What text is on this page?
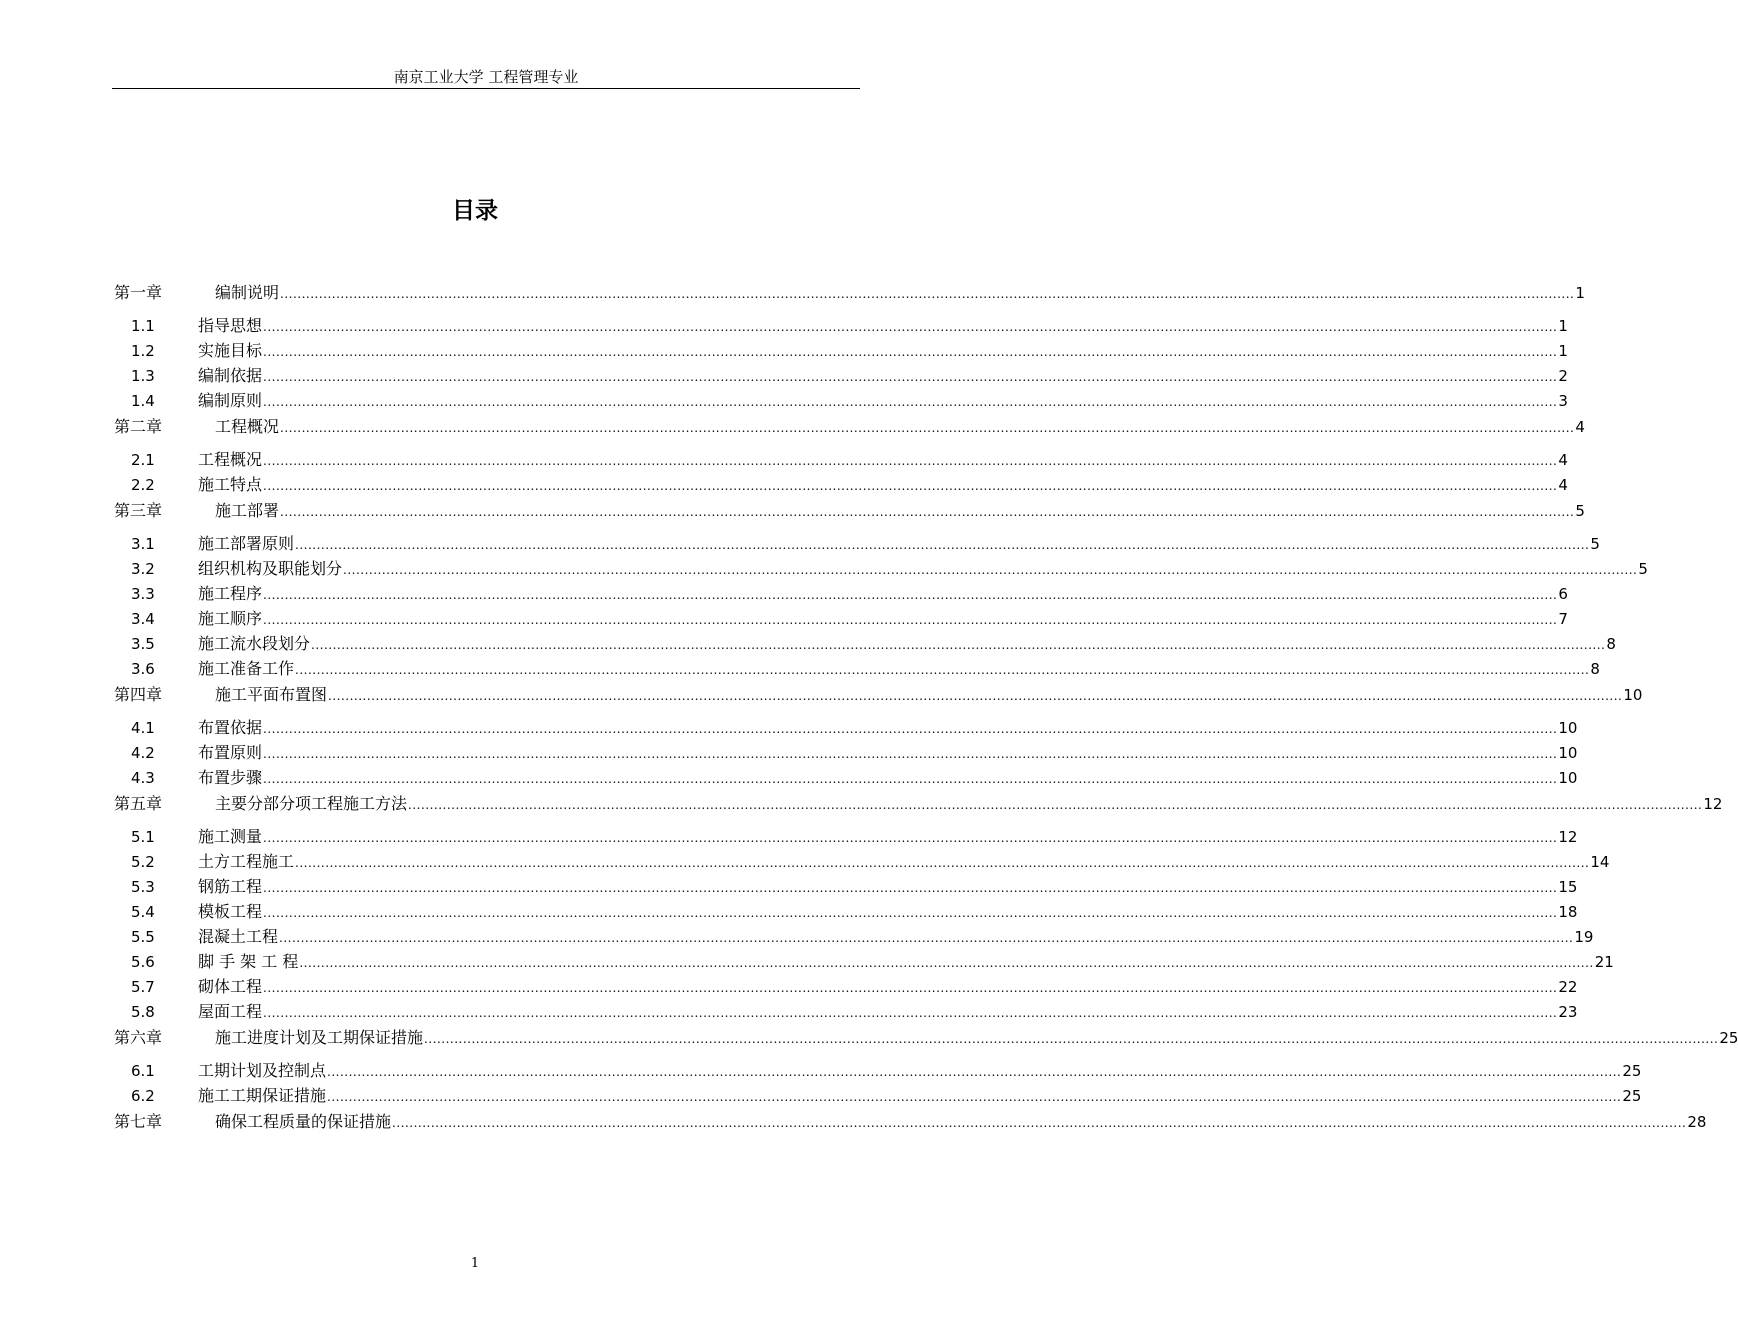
南京工业大学 工程管理专业
目录
第一章	编制说明 ............................................................................................................................................................................................................................................................................................................ 1
1.1	指导思想 ............................................................................................................................................................................................................................................................................................................ 1
1.2	实施目标 ............................................................................................................................................................................................................................................................................................................ 1
1.3	编制依据 ............................................................................................................................................................................................................................................................................................................ 2
1.4	编制原则 ............................................................................................................................................................................................................................................................................................................ 3
第二章	工程概况 ............................................................................................................................................................................................................................................................................................................ 4
2.1	工程概况 ............................................................................................................................................................................................................................................................................................................ 4
2.2	施工特点 ............................................................................................................................................................................................................................................................................................................ 4
第三章	施工部署 ............................................................................................................................................................................................................................................................................................................ 5
3.1	施工部署原则 ............................................................................................................................................................................................................................................................................................................ 5
3.2	组织机构及职能划分 ............................................................................................................................................................................................................................................................................................................ 5
3.3	施工程序 ............................................................................................................................................................................................................................................................................................................ 6
3.4	施工顺序 ............................................................................................................................................................................................................................................................................................................ 7
3.5	施工流水段划分 ............................................................................................................................................................................................................................................................................................................ 8
3.6	施工准备工作 ............................................................................................................................................................................................................................................................................................................ 8
第四章	施工平面布置图 ............................................................................................................................................................................................................................................................................................................ 10
4.1	布置依据 ............................................................................................................................................................................................................................................................................................................ 10
4.2	布置原则 ............................................................................................................................................................................................................................................................................................................ 10
4.3	布置步骤 ............................................................................................................................................................................................................................................................................................................ 10
第五章	主要分部分项工程施工方法 ............................................................................................................................................................................................................................................................................................................ 12
5.1	施工测量 ............................................................................................................................................................................................................................................................................................................ 12
5.2	土方工程施工 ............................................................................................................................................................................................................................................................................................................ 14
5.3	钢筋工程 ............................................................................................................................................................................................................................................................................................................ 15
5.4	模板工程 ............................................................................................................................................................................................................................................................................................................ 18
5.5	混凝土工程 ............................................................................................................................................................................................................................................................................................................ 19
5.6	脚 手 架 工 程 ............................................................................................................................................................................................................................................................................................................ 21
5.7	砌体工程 ............................................................................................................................................................................................................................................................................................................ 22
5.8	屋面工程 ............................................................................................................................................................................................................................................................................................................ 23
第六章	施工进度计划及工期保证措施 ............................................................................................................................................................................................................................................................................................................ 25
6.1	工期计划及控制点 ............................................................................................................................................................................................................................................................................................................ 25
6.2	施工工期保证措施 ............................................................................................................................................................................................................................................................................................................ 25
第七章	确保工程质量的保证措施 ............................................................................................................................................................................................................................................................................................................ 28
1
